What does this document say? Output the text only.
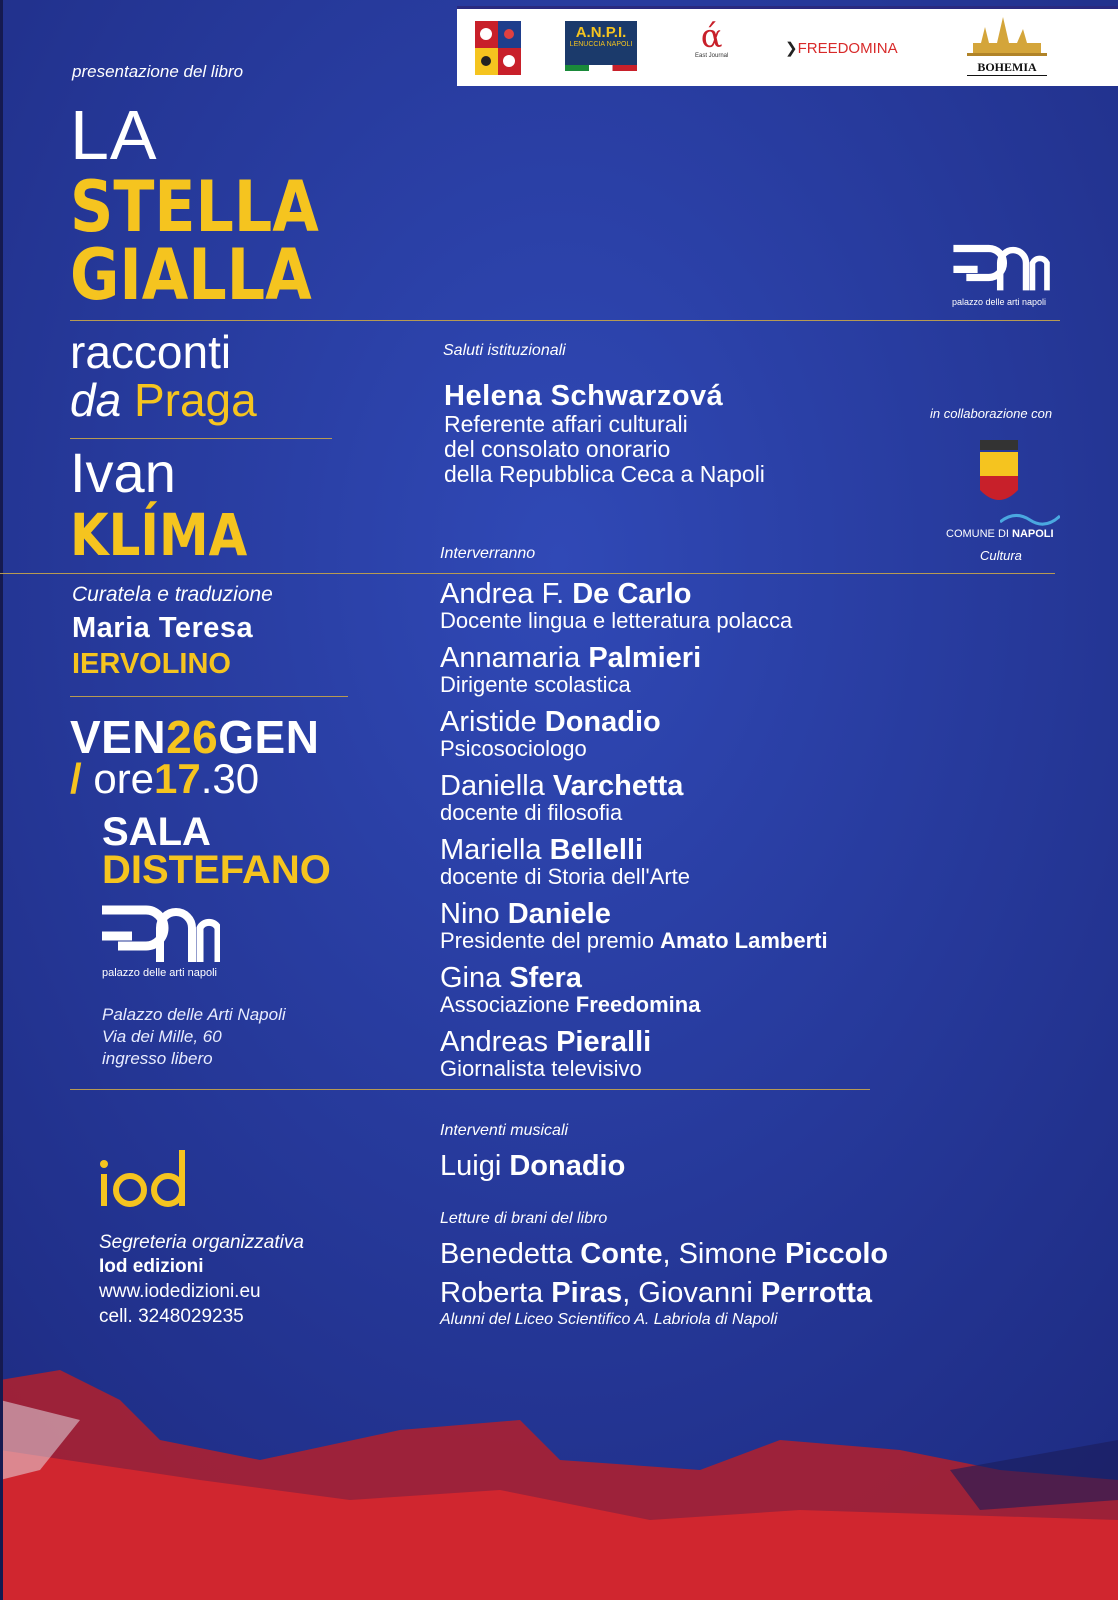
A.N.P.I.
LENUCCIA NAPOLI ά
East Journal	❯FREEDOMINA
BOHEMIA
presentazione del libro
LA
STELLA
GIALLA
racconti
da Praga
Ivan
KLÍMA
Curatela e traduzione
Maria Teresa
IERVOLINO
VEN26GEN
/ ore17.30
SALA
DISTEFANO
palazzo delle arti napoli
Palazzo delle Arti Napoli
Via dei Mille, 60
ingresso libero
Segreteria organizzativa
Iod edizioni
www.iodedizioni.eu
cell. 3248029235
palazzo delle arti napoli
Saluti istituzionali
Helena Schwarzová
Referente affari culturali
del consolato onorario
della Repubblica Ceca a Napoli
in collaborazione con
COMUNE DI NAPOLI
Cultura
Interverranno
Andrea F. De Carlo
Docente lingua e letteratura polacca
Annamaria Palmieri
Dirigente scolastica
Aristide Donadio
Psicosociologo
Daniella Varchetta
docente di filosofia
Mariella Bellelli
docente di Storia dell'Arte
Nino Daniele
Presidente del premio Amato Lamberti
Gina Sfera
Associazione Freedomina
Andreas Pieralli
Giornalista televisivo
Interventi musicali
Luigi Donadio
Letture di brani del libro
Benedetta Conte, Simone Piccolo
Roberta Piras, Giovanni Perrotta
Alunni del Liceo Scientifico A. Labriola di Napoli
